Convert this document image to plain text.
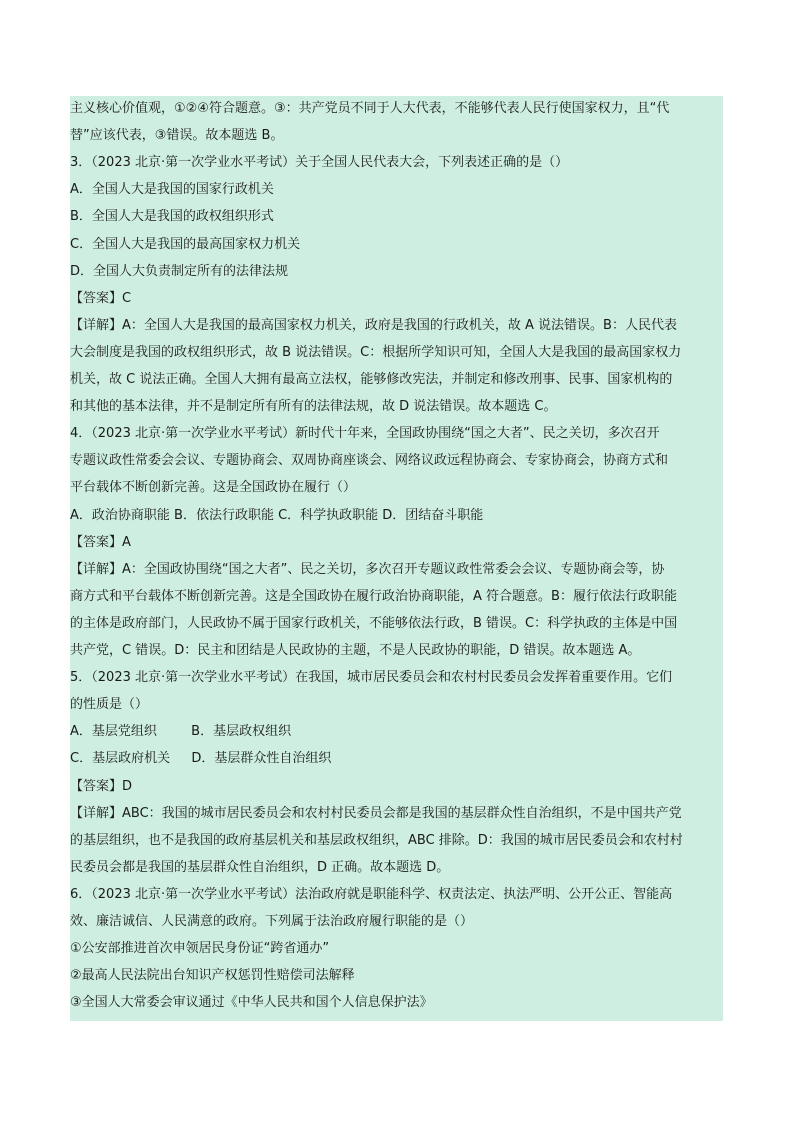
主义核心价值观，①②④符合题意。③：共产党员不同于人大代表，不能够代表人民行使国家权力，且“代
替”应该代表，③错误。故本题选 B。
3．（2023 北京·第一次学业水平考试）关于全国人民代表大会，下列表述正确的是（）
A．全国人大是我国的国家行政机关
B．全国人大是我国的政权组织形式
C．全国人大是我国的最高国家权力机关
D．全国人大负责制定所有的法律法规
【答案】C
【详解】A：全国人大是我国的最高国家权力机关，政府是我国的行政机关，故 A 说法错误。B：人民代表
大会制度是我国的政权组织形式，故 B 说法错误。C：根据所学知识可知，全国人大是我国的最高国家权力
机关，故 C 说法正确。全国人大拥有最高立法权，能够修改宪法，并制定和修改刑事、民事、国家机构的
和其他的基本法律，并不是制定所有所有的法律法规，故 D 说法错误。故本题选 C。
4．（2023 北京·第一次学业水平考试）新时代十年来，全国政协围绕“国之大者”、民之关切，多次召开
专题议政性常委会会议、专题协商会、双周协商座谈会、网络议政远程协商会、专家协商会，协商方式和
平台载体不断创新完善。这是全国政协在履行（）
A．政治协商职能 B．依法行政职能 C．科学执政职能 D．团结奋斗职能
【答案】A
【详解】A：全国政协围绕“国之大者”、民之关切，多次召开专题议政性常委会会议、专题协商会等，协
商方式和平台载体不断创新完善。这是全国政协在履行政治协商职能，A 符合题意。B：履行依法行政职能
的主体是政府部门，人民政协不属于国家行政机关，不能够依法行政，B 错误。C：科学执政的主体是中国
共产党，C 错误。D：民主和团结是人民政协的主题，不是人民政协的职能，D 错误。故本题选 A。
5．（2023 北京·第一次学业水平考试）在我国，城市居民委员会和农村村民委员会发挥着重要作用。它们
的性质是（）
A．基层党组织 　　 B．基层政权组织
C．基层政府机关 　 D．基层群众性自治组织
【答案】D
【详解】ABC：我国的城市居民委员会和农村村民委员会都是我国的基层群众性自治组织，不是中国共产党
的基层组织，也不是我国的政府基层机关和基层政权组织，ABC 排除。D：我国的城市居民委员会和农村村
民委员会都是我国的基层群众性自治组织，D 正确。故本题选 D。
6．（2023 北京·第一次学业水平考试）法治政府就是职能科学、权责法定、执法严明、公开公正、智能高
效、廉洁诚信、人民满意的政府。下列属于法治政府履行职能的是（）
①公安部推进首次申领居民身份证“跨省通办”
②最高人民法院出台知识产权惩罚性赔偿司法解释
③全国人大常委会审议通过《中华人民共和国个人信息保护法》
